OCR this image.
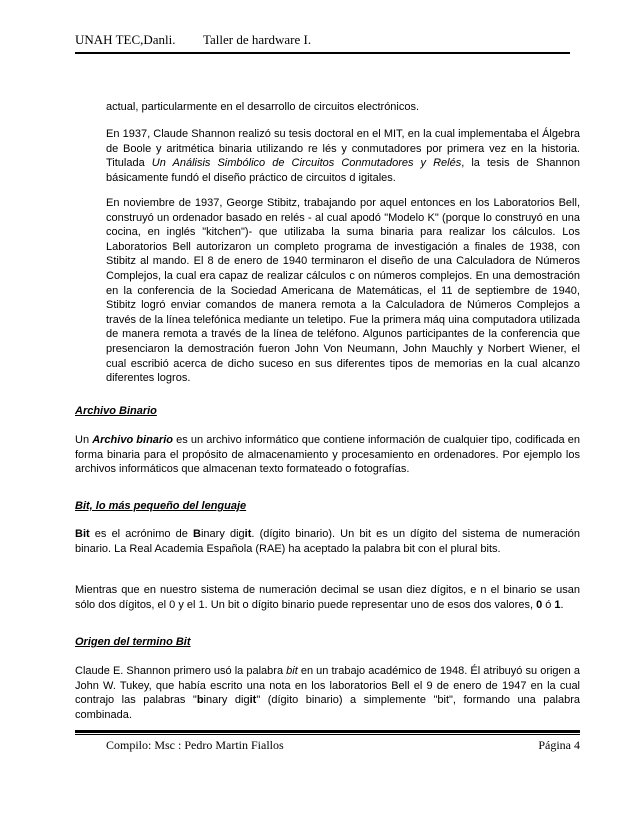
UNAH TEC,Danli. Taller de hardware I.

actual, particularmente en el desarrollo de circuitos electrónicos.

En 1937, Claude Shannon realizó su tesis doctoral en el MIT, en la cual implementaba el Álgebra de Boole y aritmética binaria utilizando re lés y conmutadores por primera vez en la historia. Titulada Un Análisis Simbólico de Circuitos Conmutadores y Relés, la tesis de Shannon básicamente fundó el diseño práctico de circuitos d igitales.

En noviembre de 1937, George Stibitz, trabajando por aquel entonces en los Laboratorios Bell, construyó un ordenador basado en relés - al cual apodó "Modelo K" (porque lo construyó en una cocina, en inglés "kitchen")- que utilizaba la suma binaria para realizar los cálculos. Los Laboratorios Bell autorizaron un completo programa de investigación a finales de 1938, con Stibitz al mando. El 8 de enero de 1940 terminaron el diseño de una Calculadora de Números Complejos, la cual era capaz de realizar cálculos c on números complejos. En una demostración en la conferencia de la Sociedad Americana de Matemáticas, el 11 de septiembre de 1940, Stibitz logró enviar comandos de manera remota a la Calculadora de Números Complejos a través de la línea telefónica mediante un teletipo. Fue la primera máq uina computadora utilizada de manera remota a través de la línea de teléfono. Algunos participantes de la conferencia que presenciaron la demostración fueron John Von Neumann, John Mauchly y Norbert Wiener, el cual escribió acerca de dicho suceso en sus diferentes tipos de memorias en la cual alcanzo diferentes logros.

Archivo Binario

Un Archivo binario es un archivo informático que contiene información de cualquier tipo, codificada en forma binaria para el propósito de almacenamiento y procesamiento en ordenadores. Por ejemplo los archivos informáticos que almacenan texto formateado o fotografías.

Bit, lo más pequeño del lenguaje

Bit es el acrónimo de Binary digit. (dígito binario). Un bit es un dígito del sistema de numeración binario. La Real Academia Española (RAE) ha aceptado la palabra bit con el plural bits.

Mientras que en nuestro sistema de numeración decimal se usan diez dígitos, e n el binario se usan sólo dos dígitos, el 0 y el 1. Un bit o dígito binario puede representar uno de esos dos valores, 0 ó 1.

Origen del termino Bit

Claude E. Shannon primero usó la palabra bit en un trabajo académico de 1948. Él atribuyó su origen a John W. Tukey, que había escrito una nota en los laboratorios Bell el 9 de enero de 1947 en la cual contrajo las palabras "binary digit" (dígito binario) a simplemente "bit", formando una palabra combinada.

Compilo: Msc : Pedro Martin Fiallos	Página 4
